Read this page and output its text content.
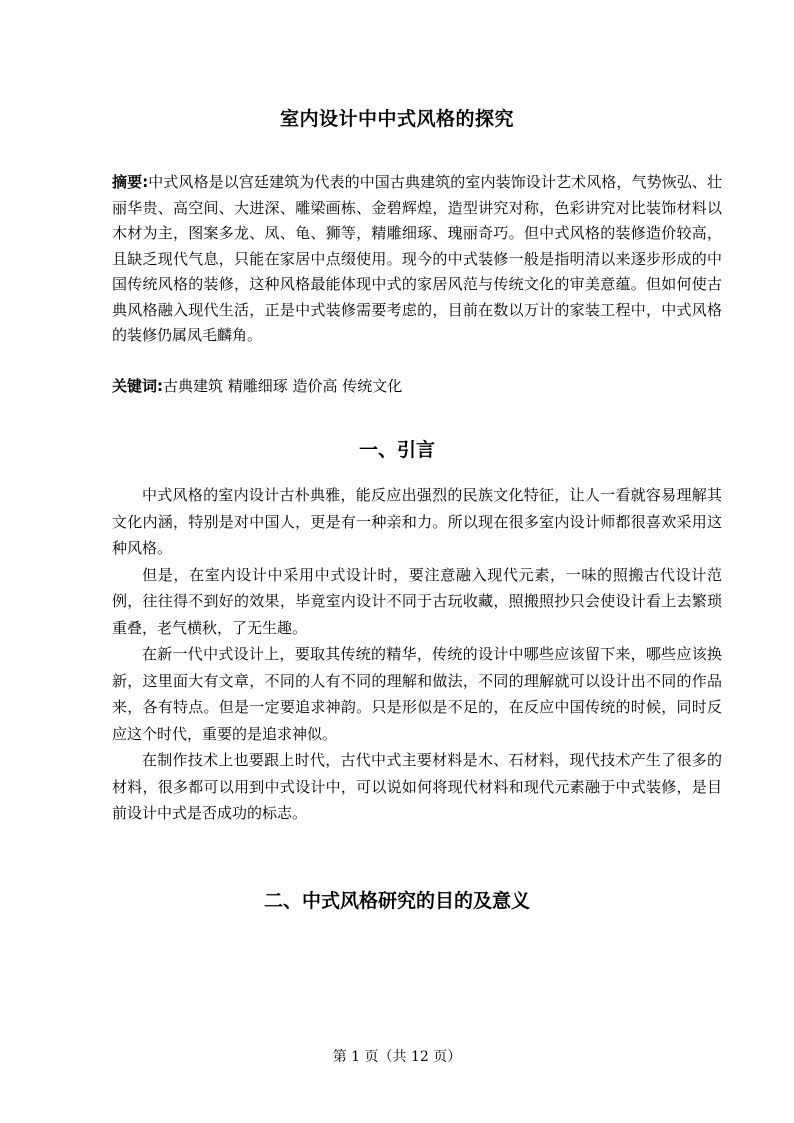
室内设计中中式风格的探究
摘要:中式风格是以宫廷建筑为代表的中国古典建筑的室内装饰设计艺术风格，气势恢弘、壮丽华贵、高空间、大进深、雕梁画栋、金碧辉煌，造型讲究对称，色彩讲究对比装饰材料以木材为主，图案多龙、凤、龟、狮等，精雕细琢、瑰丽奇巧。但中式风格的装修造价较高，且缺乏现代气息，只能在家居中点缀使用。现今的中式装修一般是指明清以来逐步形成的中国传统风格的装修，这种风格最能体现中式的家居风范与传统文化的审美意蕴。但如何使古典风格融入现代生活，正是中式装修需要考虑的，目前在数以万计的家装工程中，中式风格的装修仍属凤毛麟角。
关键词:古典建筑 精雕细琢 造价高 传统文化
一、引言

中式风格的室内设计古朴典雅，能反应出强烈的民族文化特征，让人一看就容易理解其文化内涵，特别是对中国人，更是有一种亲和力。所以现在很多室内设计师都很喜欢采用这种风格。

但是，在室内设计中采用中式设计时，要注意融入现代元素，一味的照搬古代设计范例，往往得不到好的效果，毕竟室内设计不同于古玩收藏，照搬照抄只会使设计看上去繁琐重叠，老气横秋，了无生趣。

在新一代中式设计上，要取其传统的精华，传统的设计中哪些应该留下来，哪些应该换新，这里面大有文章，不同的人有不同的理解和做法，不同的理解就可以设计出不同的作品来，各有特点。但是一定要追求神韵。只是形似是不足的，在反应中国传统的时候，同时反应这个时代，重要的是追求神似。

在制作技术上也要跟上时代，古代中式主要材料是木、石材料，现代技术产生了很多的材料，很多都可以用到中式设计中，可以说如何将现代材料和现代元素融于中式装修，是目前设计中式是否成功的标志。

二、中式风格研究的目的及意义
第 1 页（共 12 页）
